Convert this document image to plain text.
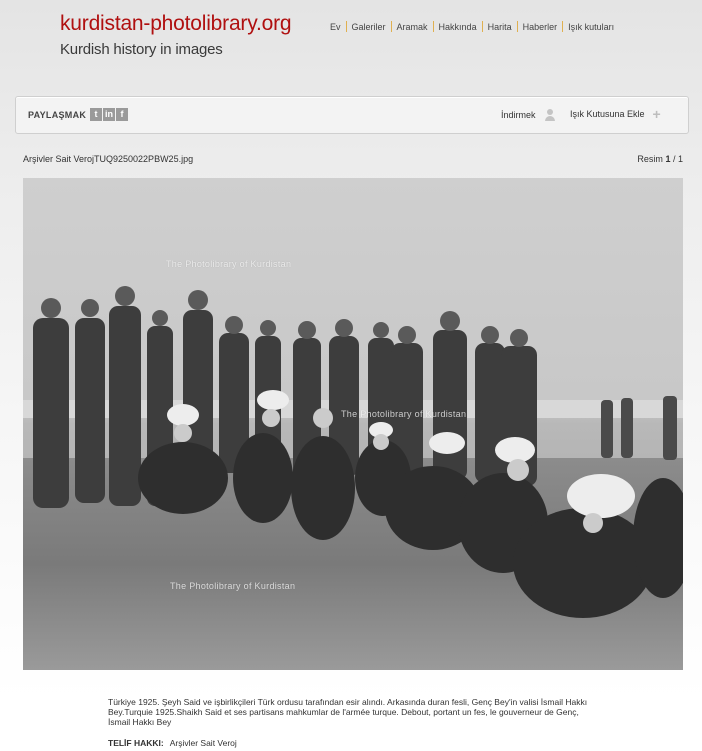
kurdistan-photolibrary.org
Kurdish history in images
Ev	Galeriler	Aramak	Hakkında	Harita	Haberler	Işık kutuları
PAYLAŞMAK t in f	İndirmek	Işık Kutusuna Ekle +
Arşivler Sait VerojTUQ9250022PBW25.jpg	Resim 1 / 1
The Photolibrary of Kurdistan
The Photolibrary of Kurdistan
The Photolibrary of Kurdistan
Türkiye 1925. Şeyh Said ve işbirlikçileri Türk ordusu tarafından esir alındı. Arkasında duran fesli, Genç Bey'in valisi İsmail Hakkı Bey.Turquie 1925.Shaikh Said et ses partisans mahkumlar de l'armée turque. Debout, portant un fes, le gouverneur de Genç, İsmail Hakkı Bey
TELİF HAKKI: Arşivler Sait Veroj
